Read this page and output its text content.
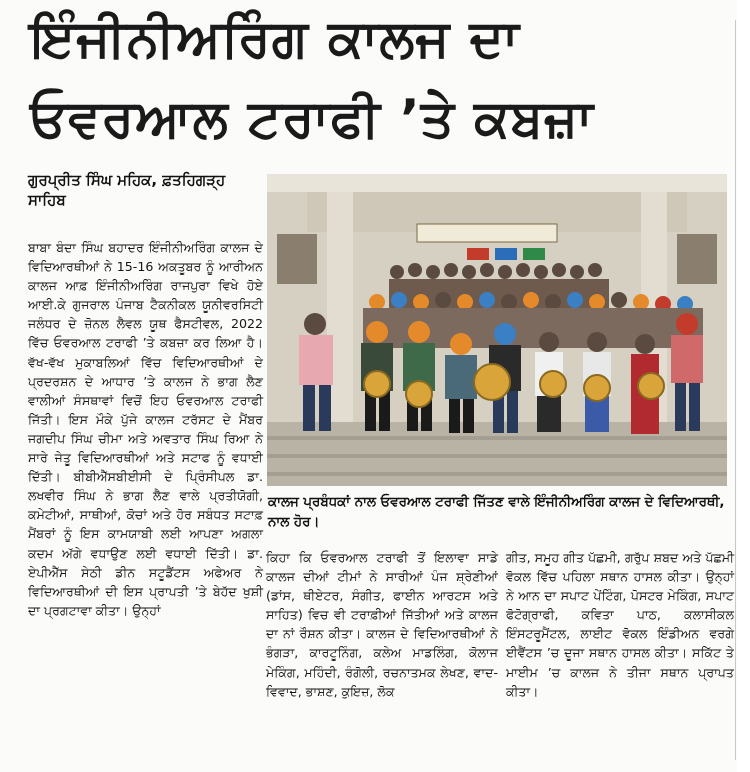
ਇੰਜੀਨੀਅਰਿੰਗ ਕਾਲਜ ਦਾ
ਓਵਰਆਲ ਟਰਾਫੀ ’ਤੇ ਕਬਜ਼ਾ
ਗੁਰਪ੍ਰੀਤ ਸਿੰਘ ਮਹਿਕ, ਫ਼ਤਹਿਗੜ੍ਹ ਸਾਹਿਬ
ਬਾਬਾ ਬੰਦਾ ਸਿੰਘ ਬਹਾਦਰ ਇੰਜੀਨੀਅਰਿੰਗ ਕਾਲਜ ਦੇ ਵਿਦਿਆਰਥੀਆਂ ਨੇ 15-16 ਅਕਤੂਬਰ ਨੂੰ ਆਰੀਅਨ ਕਾਲਜ ਆਫ਼ ਇੰਜੀਨੀਅਰਿੰਗ ਰਾਜਪੁਰਾ ਵਿਖੇ ਹੋਏ ਆਈ.ਕੇ ਗੁਜਰਾਲ ਪੰਜਾਬ ਟੈਕਨੀਕਲ ਯੂਨੀਵਰਸਿਟੀ ਜਲੰਧਰ ਦੇ ਜ਼ੋਨਲ ਲੈਵਲ ਯੂਥ ਫੈਸਟੀਵਲ, 2022 ਵਿੱਚ ਓਵਰਆਲ ਟਰਾਫੀ ’ਤੇ ਕਬਜ਼ਾ ਕਰ ਲਿਆ ਹੈ। ਵੱਖ-ਵੱਖ ਮੁਕਾਬਲਿਆਂ ਵਿੱਚ ਵਿਦਿਆਰਥੀਆਂ ਦੇ ਪ੍ਰਦਰਸ਼ਨ ਦੇ ਆਧਾਰ ’ਤੇ ਕਾਲਜ ਨੇ ਭਾਗ ਲੈਣ ਵਾਲੀਆਂ ਸੰਸਥਾਵਾਂ ਵਿਚੋਂ ਇਹ ਓਵਰਆਲ ਟਰਾਫੀ ਜਿੱਤੀ। ਇਸ ਮੌਕੇ ਪੁੱਜੇ ਕਾਲਜ ਟਰੱਸਟ ਦੇ ਮੈਂਬਰ ਜਗਦੀਪ ਸਿੰਘ ਚੀਮਾ ਅਤੇ ਅਵਤਾਰ ਸਿੰਘ ਰਿਆ ਨੇ ਸਾਰੇ ਜੇਤੂ ਵਿਦਿਆਰਥੀਆਂ ਅਤੇ ਸਟਾਫ ਨੂੰ ਵਧਾਈ ਦਿੱਤੀ। ਬੀਬੀਐੱਸਬੀਈਸੀ ਦੇ ਪ੍ਰਿੰਸੀਪਲ ਡਾ. ਲਖਵੀਰ ਸਿੰਘ ਨੇ ਭਾਗ ਲੈਣ ਵਾਲੇ ਪ੍ਰਤੀਯੋਗੀ, ਕਮੇਟੀਆਂ, ਸਾਥੀਆਂ, ਕੋਚਾਂ ਅਤੇ ਹੋਰ ਸਬੰਧਤ ਸਟਾਫ਼ ਮੈਂਬਰਾਂ ਨੂੰ ਇਸ ਕਾਮਯਾਬੀ ਲਈ ਆਪਣਾ ਅਗਲਾ ਕਦਮ ਅੱਗੇ ਵਧਾਉਣ ਲਈ ਵਧਾਈ ਦਿੱਤੀ। ਡਾ. ਏਪੀਐੱਸ ਸੇਠੀ ਡੀਨ ਸਟੂਡੈਂਟਸ ਅਫੇਅਰ ਨੇ ਵਿਦਿਆਰਥੀਆਂ ਦੀ ਇਸ ਪ੍ਰਾਪਤੀ ’ਤੇ ਬੇਹੱਦ ਖੁਸ਼ੀ ਦਾ ਪ੍ਰਗਟਾਵਾ ਕੀਤਾ। ਉਨ੍ਹਾਂ
ਕਾਲਜ ਪ੍ਰਬੰਧਕਾਂ ਨਾਲ ਓਵਰਆਲ ਟਰਾਫੀ ਜਿੱਤਣ ਵਾਲੇ ਇੰਜੀਨੀਅਰਿੰਗ ਕਾਲਜ ਦੇ ਵਿਦਿਆਰਥੀ, ਨਾਲ ਹੋਰ।
ਕਿਹਾ ਕਿ ਓਵਰਆਲ ਟਰਾਫੀ ਤੋਂ ਇਲਾਵਾ ਸਾਡੇ ਕਾਲਜ ਦੀਆਂ ਟੀਮਾਂ ਨੇ ਸਾਰੀਆਂ ਪੰਜ ਸ਼੍ਰੇਣੀਆਂ (ਡਾਂਸ, ਥੀਏਟਰ, ਸੰਗੀਤ, ਫਾਈਨ ਆਰਟਸ ਅਤੇ ਸਾਹਿਤ) ਵਿਚ ਵੀ ਟਰਾਫ਼ੀਆਂ ਜਿੱਤੀਆਂ ਅਤੇ ਕਾਲਜ ਦਾ ਨਾਂ ਰੌਸ਼ਨ ਕੀਤਾ। ਕਾਲਜ ਦੇ ਵਿਦਿਆਰਥੀਆਂ ਨੇ ਭੰਗੜਾ, ਕਾਰਟੂਨਿੰਗ, ਕਲੇਅ ਮਾਡਲਿੰਗ, ਕੋਲਾਜ ਮੇਕਿੰਗ, ਮਹਿੰਦੀ, ਰੰਗੋਲੀ, ਰਚਨਾਤਮਕ ਲੇਖਣ, ਵਾਦ-ਵਿਵਾਦ, ਭਾਸ਼ਣ, ਕੁਇਜ਼, ਲੋਕ
ਗੀਤ, ਸਮੂਹ ਗੀਤ ਪੱਛਮੀ, ਗਰੁੱਪ ਸ਼ਬਦ ਅਤੇ ਪੱਛਮੀ ਵੋਕਲ ਵਿੱਚ ਪਹਿਲਾ ਸਥਾਨ ਹਾਸਲ ਕੀਤਾ। ਉਨ੍ਹਾਂ ਨੇ ਆਨ ਦਾ ਸਪਾਟ ਪੇਂਟਿੰਗ, ਪੋਸਟਰ ਮੇਕਿੰਗ, ਸਪਾਟ ਫੋਟੋਗ੍ਰਾਫੀ, ਕਵਿਤਾ ਪਾਠ, ਕਲਾਸੀਕਲ ਇੰਸਟਰੂਮੈਂਟਲ, ਲਾਈਟ ਵੋਕਲ ਇੰਡੀਅਨ ਵਰਗੇ ਈਵੈਂਟਸ ’ਚ ਦੂਜਾ ਸਥਾਨ ਹਾਸਲ ਕੀਤਾ। ਸਕਿੱਟ ਤੇ ਮਾਈਮ ’ਚ ਕਾਲਜ ਨੇ ਤੀਜਾ ਸਥਾਨ ਪ੍ਰਾਪਤ ਕੀਤਾ।
